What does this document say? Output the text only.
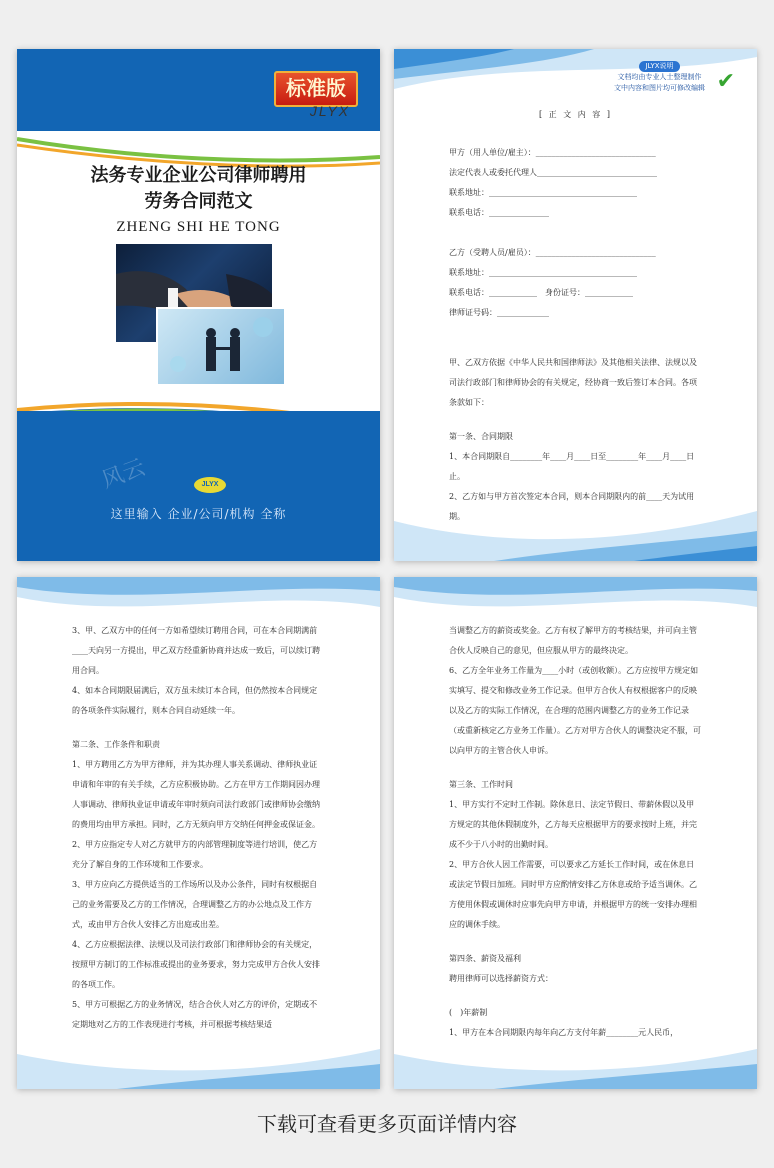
标准版
JLYX
法务专业企业公司律师聘用
劳务合同范文
ZHENG SHI HE TONG
风云	JLYX
这里输入 企业/公司/机构 全称
JLYX说明
文档均由专业人士整理制作
文中内容和图片均可修改编辑 ✔
[ 正 文 内 容 ]

甲方（用人单位/雇主）：______________________________

法定代表人或委托代理人______________________________

联系地址：_____________________________________

联系电话：_______________

乙方（受聘人员/雇员）：______________________________

联系地址：_____________________________________

联系电话：____________　身份证号：____________

律师证号码：_____________

甲、乙双方依据《中华人民共和国律师法》及其他相关法律、法规以及司法行政部门和律师协会的有关规定，经协商一致后签订本合同。各项条款如下：

第一条、合同期限

1、本合同期限自________年____月____日至________年____月____日止。

2、乙方如与甲方首次签定本合同，则本合同期限内的前____天为试用期。

3、甲、乙双方中的任何一方如希望续订聘用合同，可在本合同期满前____天向另一方提出，甲乙双方经重新协商并达成一致后，可以续订聘用合同。

4、如本合同期限届满后，双方虽未续订本合同，但仍然按本合同规定的各项条件实际履行，则本合同自动延续一年。

第二条、工作条件和职责

1、甲方聘用乙方为甲方律师，并为其办理人事关系调动、律师执业证申请和年审的有关手续，乙方应积极协助。乙方在甲方工作期间因办理人事调动、律师执业证申请或年审时须向司法行政部门或律师协会缴纳的费用均由甲方承担。同时，乙方无须向甲方交纳任何押金或保证金。

2、甲方应指定专人对乙方就甲方的内部管理制度等进行培训，使乙方充分了解自身的工作环境和工作要求。

3、甲方应向乙方提供适当的工作场所以及办公条件，同时有权根据自己的业务需要及乙方的工作情况，合理调整乙方的办公地点及工作方式，或由甲方合伙人安排乙方出庭或出差。

4、乙方应根据法律、法规以及司法行政部门和律师协会的有关规定，按照甲方制订的工作标准或提出的业务要求，努力完成甲方合伙人安排的各项工作。

5、甲方可根据乙方的业务情况，结合合伙人对乙方的评价，定期或不定期地对乙方的工作表现进行考核，并可根据考核结果适

当调整乙方的薪资或奖金。乙方有权了解甲方的考核结果，并可向主管合伙人反映自己的意见，但应服从甲方的最终决定。

6、乙方全年业务工作量为____小时（或创收额）。乙方应按甲方规定如实填写、提交和修改业务工作记录。但甲方合伙人有权根据客户的反映以及乙方的实际工作情况，在合理的范围内调整乙方的业务工作记录（或重新核定乙方业务工作量）。乙方对甲方合伙人的调整决定不服，可以向甲方的主管合伙人申诉。

第三条、工作时间

1、甲方实行不定时工作制。除休息日、法定节假日、带薪休假以及甲方规定的其他休假制度外，乙方每天应根据甲方的要求按时上班，并完成不少于八小时的出勤时间。

2、甲方合伙人因工作需要，可以要求乙方延长工作时间，或在休息日或法定节假日加班。同时甲方应酌情安排乙方休息或给予适当调休。乙方使用休假或调休时应事先向甲方申请，并根据甲方的统一安排办理相应的调休手续。

第四条、薪资及福利

聘用律师可以选择薪资方式：

(　)年薪制

1、甲方在本合同期限内每年向乙方支付年薪________元人民币，

下载可查看更多页面详情内容
